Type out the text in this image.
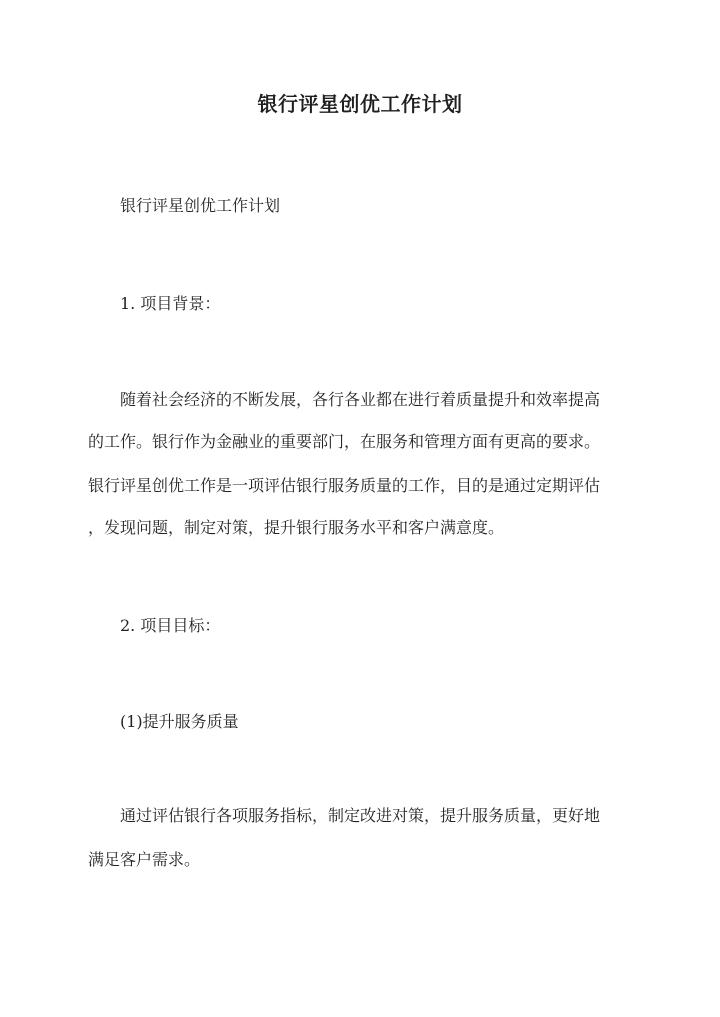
银行评星创优工作计划
银行评星创优工作计划
1. 项目背景：
随着社会经济的不断发展，各行各业都在进行着质量提升和效率提高
的工作。银行作为金融业的重要部门，在服务和管理方面有更高的要求。
银行评星创优工作是一项评估银行服务质量的工作，目的是通过定期评估
，发现问题，制定对策，提升银行服务水平和客户满意度。
2. 项目目标：
(1)提升服务质量
通过评估银行各项服务指标，制定改进对策，提升服务质量，更好地
满足客户需求。
